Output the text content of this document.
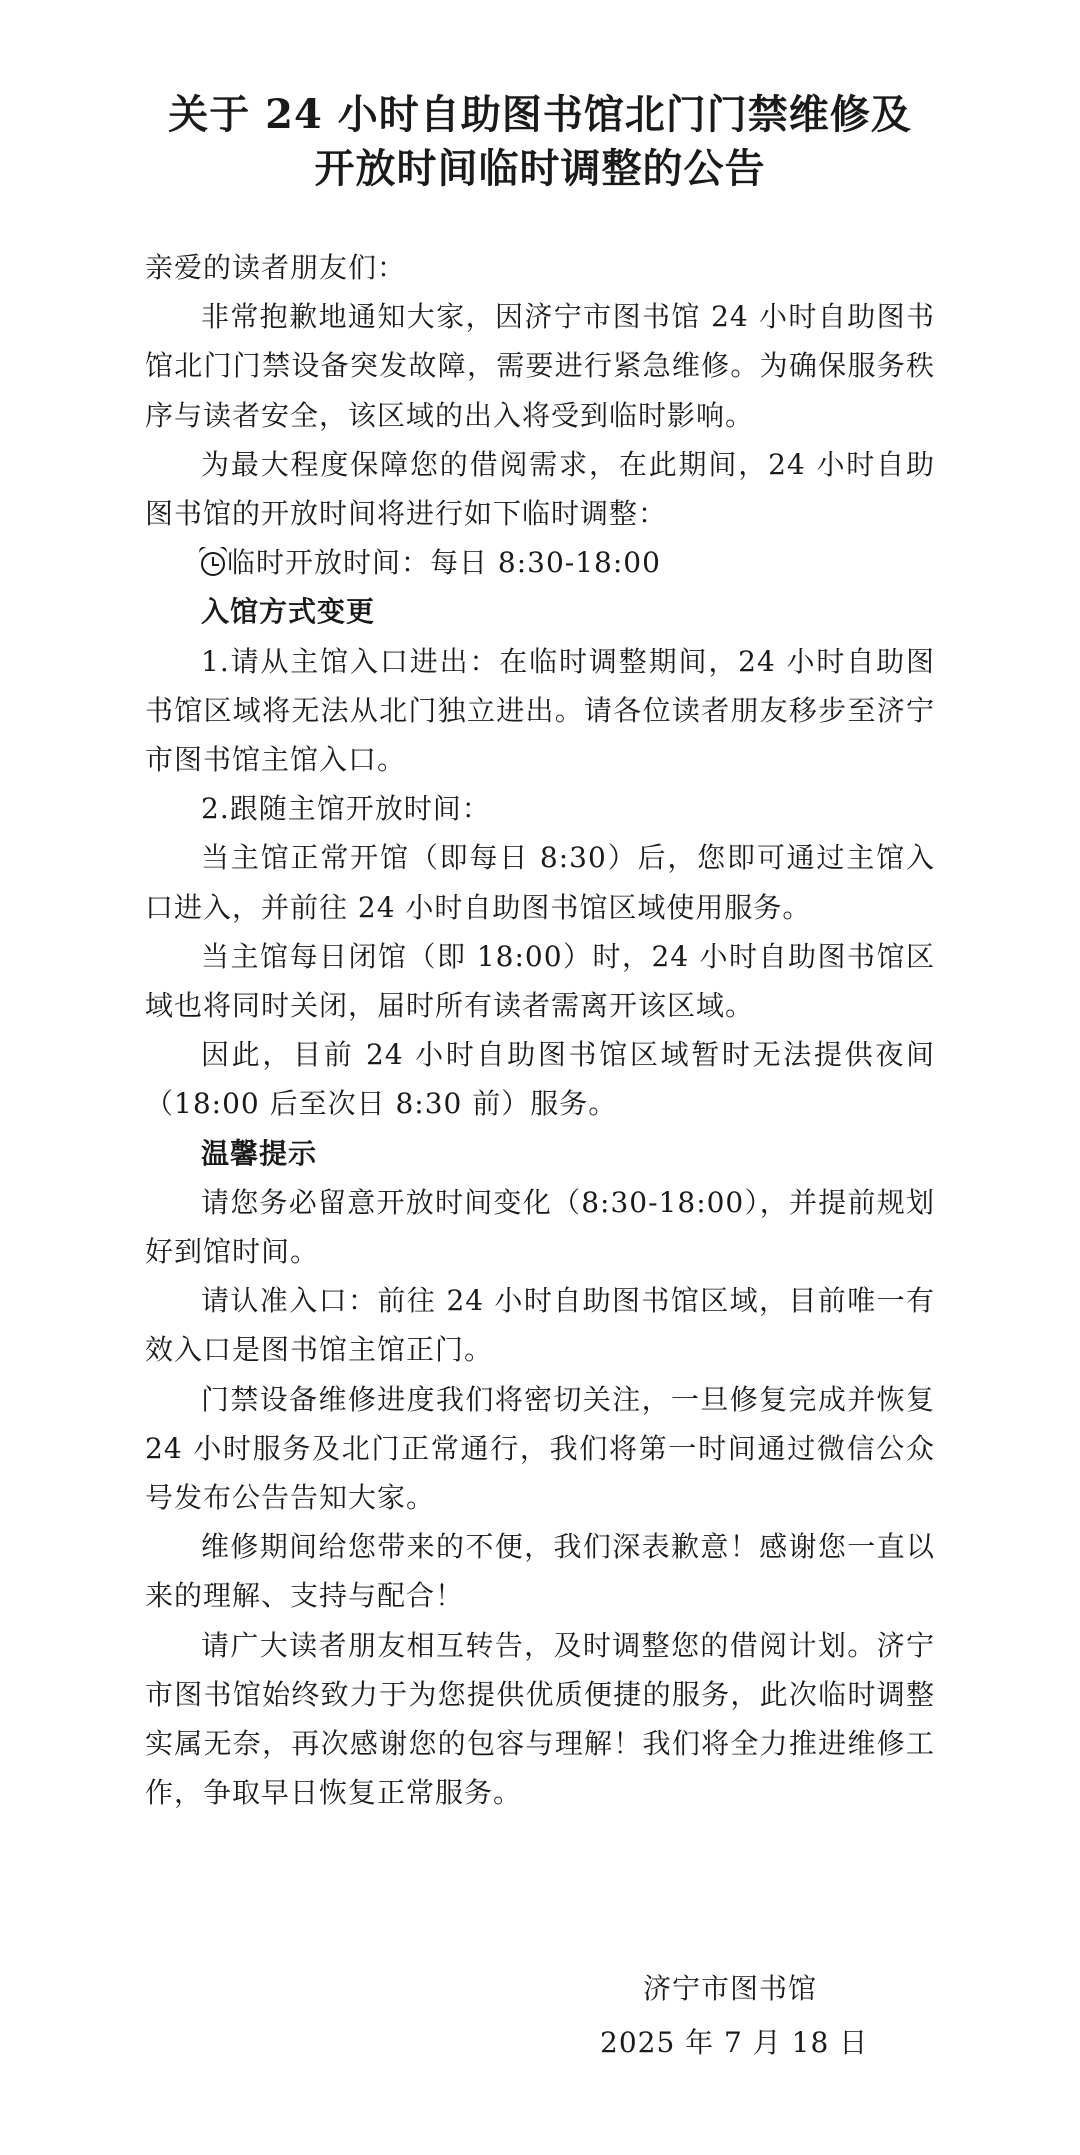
关于 24 小时自助图书馆北门门禁维修及
开放时间临时调整的公告

亲爱的读者朋友们：

非常抱歉地通知大家，因济宁市图书馆 24 小时自助图书馆北门门禁设备突发故障，需要进行紧急维修。为确保服务秩序与读者安全，该区域的出入将受到临时影响。

为最大程度保障您的借阅需求，在此期间，24 小时自助图书馆的开放时间将进行如下临时调整：

临时开放时间：每日 8:30-18:00

入馆方式变更

1.请从主馆入口进出：在临时调整期间，24 小时自助图书馆区域将无法从北门独立进出。请各位读者朋友移步至济宁市图书馆主馆入口。

2.跟随主馆开放时间：

当主馆正常开馆（即每日 8:30）后，您即可通过主馆入口进入，并前往 24 小时自助图书馆区域使用服务。

当主馆每日闭馆（即 18:00）时，24 小时自助图书馆区域也将同时关闭，届时所有读者需离开该区域。

因此，目前 24 小时自助图书馆区域暂时无法提供夜间（18:00 后至次日 8:30 前）服务。

温馨提示

请您务必留意开放时间变化（8:30-18:00），并提前规划好到馆时间。

请认准入口：前往 24 小时自助图书馆区域，目前唯一有效入口是图书馆主馆正门。

门禁设备维修进度我们将密切关注，一旦修复完成并恢复 24 小时服务及北门正常通行，我们将第一时间通过微信公众号发布公告告知大家。

维修期间给您带来的不便，我们深表歉意！感谢您一直以来的理解、支持与配合！

请广大读者朋友相互转告，及时调整您的借阅计划。济宁市图书馆始终致力于为您提供优质便捷的服务，此次临时调整实属无奈，再次感谢您的包容与理解！我们将全力推进维修工作，争取早日恢复正常服务。

济宁市图书馆
2025 年 7 月 18 日
